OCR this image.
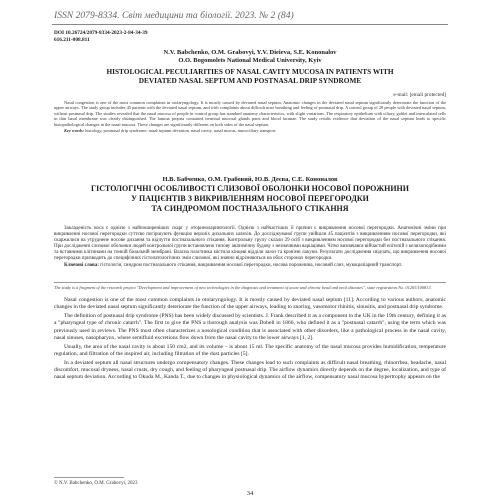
ISSN 2079-8334. Світ медицини та біології. 2023. № 2 (84)
DOI 10.26724/2079-8334-2023-2-84-34-39
616.211-008.811
N.V. Babchenko, O.M. Grabovyi, Y.V. Dieieva, S.E. Kononalov
O.O. Bogomolets National Medical University, Kyiv
HISTOLOGICAL PECULIARITIES OF NASAL CAVITY MUCOSA IN PATIENTS WITH
DEVIATED NASAL SEPTUM AND POSTNASAL DRIP SYNDROME
e-mail: [email protected]

Nasal congestion is one of the most common complaints in otolaryngology. It is mostly caused by deviated nasal septum. Anatomic changes in the deviated nasal septum significantly deteriorate the function of the upper airways. The study group includes 45 patients with the deviated nasal septum, and with complaints about difficult nose breathing and feeling of postnasal drip. A control group of 29 people with deviated nasal septum, without postnasal drip. The studies revealed that the nasal mucosa of people in control group has standard anatomy characteristics, with slight variations. The respiratory epithelium with ciliary, goblet and intercalated cells in thin basal membrane was clearly distinguished. The lamina propria contained terminal mucosal glands parts and blood lacunae. The study results evidence that deviation of the nasal septum leads to specific histopathological changes in the nasal mucosa. These changes are significantly different on both sides of the nasal septum.

Key words: histology, postnasal drip syndrome, nasal septum deviation, nasal cavity, nasal mucus, mucociliary transport.

Н.В. Бабченко, О.М. Грабовий, Ю.В. Деєва, С.Е. Кононалов
ГІСТОЛОГІЧНІ ОСОБЛИВОСТІ СЛИЗОВОЇ ОБОЛОНКИ НОСОВОЇ ПОРОЖНИНИ
У ПАЦІЄНТІВ З ВИКРИВЛЕННЯМ НОСОВОЇ ПЕРЕГОРОДКИ
ТА СИНДРОМОМ ПОСТНАЗАЛЬНОГО СТІКАННЯ

Закладеність носа є однією з найпоширеніших скарг у оториноларингології. Однією з найчастіших її причин є викривлення носової перегородки. Анатомічні зміни при викривленні носової перегородки суттєво погіршують функцію верхніх дихальних шляхів. До досліджуваної групи увійшли 45 пацієнтів з викривленням носової перегородки, які скаржилися на утруднене носове дихання та відчуття постназального стікання. Контрольну групу склали 29 осіб з викривленням носової перегородки без постназального стікання. При дослідженні слизової оболонки людей контрольної групи встановлено типову анатомічну будову з незначними варіаціями. Чітко визначався війчастий епітелій з келихоподібними та вставними клітинами на тонкій базальній мембрані. Власна пластинка містила кінцеві відділи залоз та кров'яні лакуни. Результати дослідження свідчать, що викривлення носової перегородки призводить до специфічних гістопатологічних змін слизової, які значно відрізняються на обох сторонах перегородки.

Ключові слова: гістологія, синдром постназального стікання, викривлення носової перегородки, носова порожнина, носовий слиз, мукоциліарний транспорт.

The study is a fragment of the research project "Development and improvement of new technologies in the diagnosis and treatment of acute and chronic head and neck diseases", state registration No. 0120U100813.

Nasal congestion is one of the most common complaints in otolaryngology. It is mostly caused by deviated nasal septum [11]. According to various authors, anatomic changes in the deviated nasal septum significantly deteriorate the function of the upper airways, leading to snoring, vasomotor rhinitis, sinusitis, and postnasal drip syndrome.

The definition of postnasal drip syndrome (PNS) has been widely discussed by scientists. J. Frank described it as a component in the UK in the 19th century, defining it as a "pharyngeal type of chronic catarrh". The first to give the PNS a thorough analysis was Dobell in 1866, who defined it as a "postnasal catarrh", using the term which was previously used in reviews. The PNS most often characterizes a nosological condition that is associated with other disorders, like a pathological process in the nasal cavity, nasal sinuses, nasopharynx, where semifluid excretions flow down from the nasal cavity to the lower airways [1, 2].

Usually, the area of the nasal cavity is about 150 cm2, and its volume – is about 15 ml. The specific anatomy of the nasal mucosa provides humidification, temperature regulation, and filtration of the inspired air, including filtration of the dust particles [5].

In a deviated septum all nasal structures undergo compensatory changes. These changes lead to such complaints as difficult nasal breathing, rhinorrhea, headache, nasal discomfort, mucosal dryness, nasal crusts, dry cough, and feeling of pharyngeal postnasal drip. The airflow dynamics directly depends on the degree, localization, and type of nasal septum deviation. According to Okuda M., Kanda T., due to changes in physiological dynamics of the airflow, compensatory nasal mucosa hypertrophy appears on the

© N.V. Babchenko, O.M. Grabovyi, 2023
34
